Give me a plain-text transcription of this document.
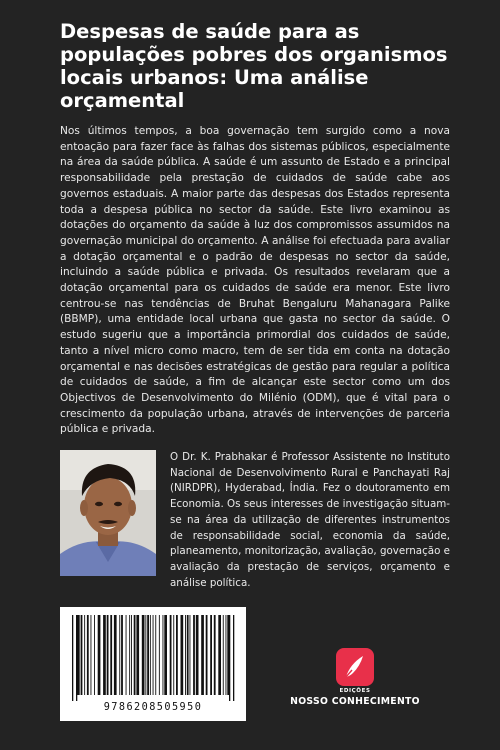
Despesas de saúde para as populações pobres dos organismos locais urbanos: Uma análise orçamental

Nos últimos tempos, a boa governação tem surgido como a nova entoação para fazer face às falhas dos sistemas públicos, especialmente na área da saúde pública. A saúde é um assunto de Estado e a principal responsabilidade pela prestação de cuidados de saúde cabe aos governos estaduais. A maior parte das despesas dos Estados representa toda a despesa pública no sector da saúde. Este livro examinou as dotações do orçamento da saúde à luz dos compromissos assumidos na governação municipal do orçamento. A análise foi efectuada para avaliar a dotação orçamental e o padrão de despesas no sector da saúde, incluindo a saúde pública e privada. Os resultados revelaram que a dotação orçamental para os cuidados de saúde era menor. Este livro centrou-se nas tendências de Bruhat Bengaluru Mahanagara Palike (BBMP), uma entidade local urbana que gasta no sector da saúde. O estudo sugeriu que a importância primordial dos cuidados de saúde, tanto a nível micro como macro, tem de ser tida em conta na dotação orçamental e nas decisões estratégicas de gestão para regular a política de cuidados de saúde, a fim de alcançar este sector como um dos Objectivos de Desenvolvimento do Milénio (ODM), que é vital para o crescimento da população urbana, através de intervenções de parceria pública e privada.

O Dr. K. Prabhakar é Professor Assistente no Instituto Nacional de Desenvolvimento Rural e Panchayati Raj (NIRDPR), Hyderabad, Índia. Fez o doutoramento em Economia. Os seus interesses de investigação situam-se na área da utilização de diferentes instrumentos de responsabilidade social, economia da saúde, planeamento, monitorização, avaliação, governação e avaliação da prestação de serviços, orçamento e análise política.

9786208505950
EDIÇÕES
NOSSO CONHECIMENTO
